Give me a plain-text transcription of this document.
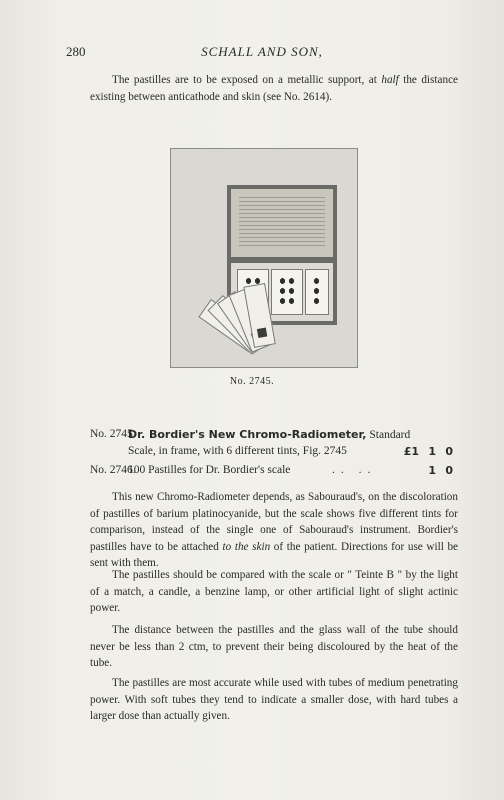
280	SCHALL AND SON,
The pastilles are to be exposed on a metallic support, at half the distance existing between anticathode and skin (see No. 2614).
No. 2745.
No. 2745.
Dr. Bordier's New Chromo-Radiometer, Standard
Scale, in frame, with 6 different tints, Fig. 2745	£1 1 0
No. 2746.
100 Pastilles for Dr. Bordier's scale	.. ..	1 0
This new Chromo-Radiometer depends, as Sabouraud's, on the discoloration of pastilles of barium platinocyanide, but the scale shows five different tints for comparison, instead of the single one of Sabouraud's instrument. Bordier's pastilles have to be attached to the skin of the patient. Directions for use will be sent with them.
The pastilles should be compared with the scale or " Teinte B " by the light of a match, a candle, a benzine lamp, or other artificial light of slight actinic power.
The distance between the pastilles and the glass wall of the tube should never be less than 2 ctm, to prevent their being discoloured by the heat of the tube.
The pastilles are most accurate while used with tubes of medium penetrating power. With soft tubes they tend to indicate a smaller dose, with hard tubes a larger dose than actually given.
